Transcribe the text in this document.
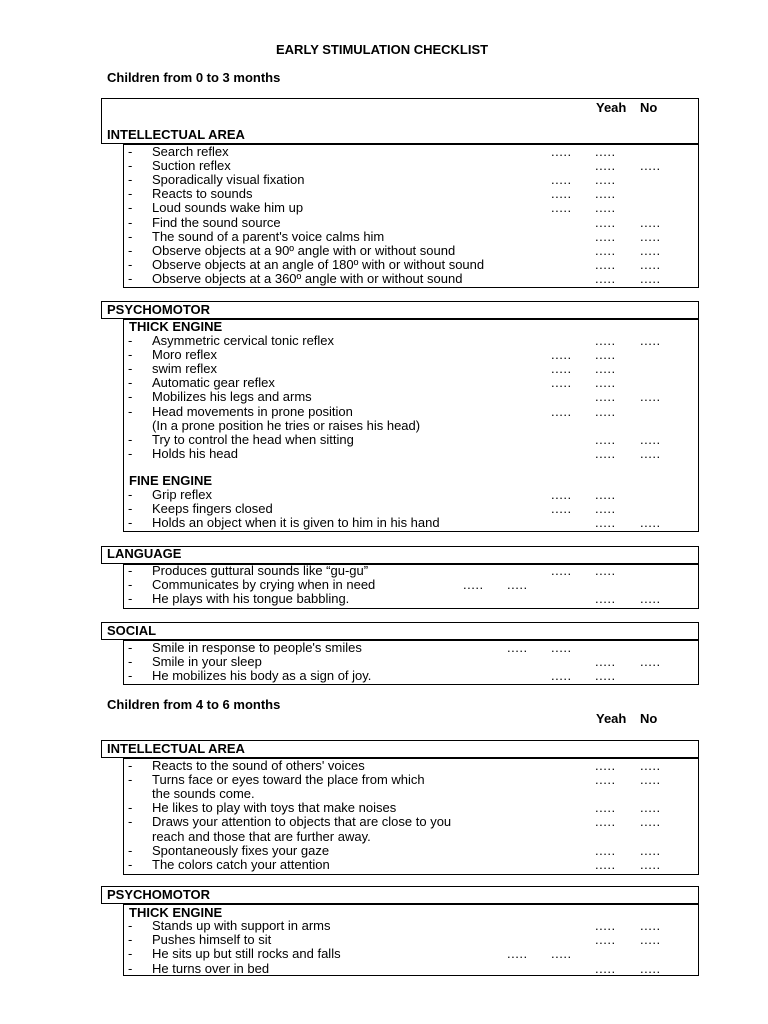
EARLY STIMULATION CHECKLIST
Children from 0 to 3 months
Yeah No
INTELLECTUAL AREA
- Search reflex	..... .....
- Suction reflex	..... .....
- Sporadically visual fixation	..... .....
- Reacts to sounds	..... .....
- Loud sounds wake him up	..... .....
- Find the sound source	..... .....
- The sound of a parent's voice calms him	..... .....
- Observe objects at a 90º angle with or without sound	..... .....
- Observe objects at an angle of 180º with or without sound	..... .....
- Observe objects at a 360º angle with or without sound	..... .....
PSYCHOMOTOR
THICK ENGINE
- Asymmetric cervical tonic reflex	..... .....
- Moro reflex	..... .....
- swim reflex	..... .....
- Automatic gear reflex	..... .....
- Mobilizes his legs and arms	..... .....
- Head movements in prone position	..... .....
(In a prone position he tries or raises his head)
- Try to control the head when sitting	..... .....
- Holds his head	..... .....
FINE ENGINE
- Grip reflex	..... .....
- Keeps fingers closed	..... .....
- Holds an object when it is given to him in his hand	..... .....
LANGUAGE
- Produces guttural sounds like “gu-gu”	..... .....
- Communicates by crying when in need	..... .....
- He plays with his tongue babbling.	..... .....
SOCIAL
- Smile in response to people's smiles	..... .....
- Smile in your sleep	..... .....
- He mobilizes his body as a sign of joy.	..... .....
Children from 4 to 6 months
Yeah No
INTELLECTUAL AREA
- Reacts to the sound of others' voices	..... .....
- Turns face or eyes toward the place from which	..... .....
the sounds come.
- He likes to play with toys that make noises	..... .....
- Draws your attention to objects that are close to you	..... .....
reach and those that are further away.
- Spontaneously fixes your gaze	..... .....
- The colors catch your attention	..... .....
PSYCHOMOTOR
THICK ENGINE
- Stands up with support in arms	..... .....
- Pushes himself to sit	..... .....
- He sits up but still rocks and falls	..... .....
- He turns over in bed	..... .....
